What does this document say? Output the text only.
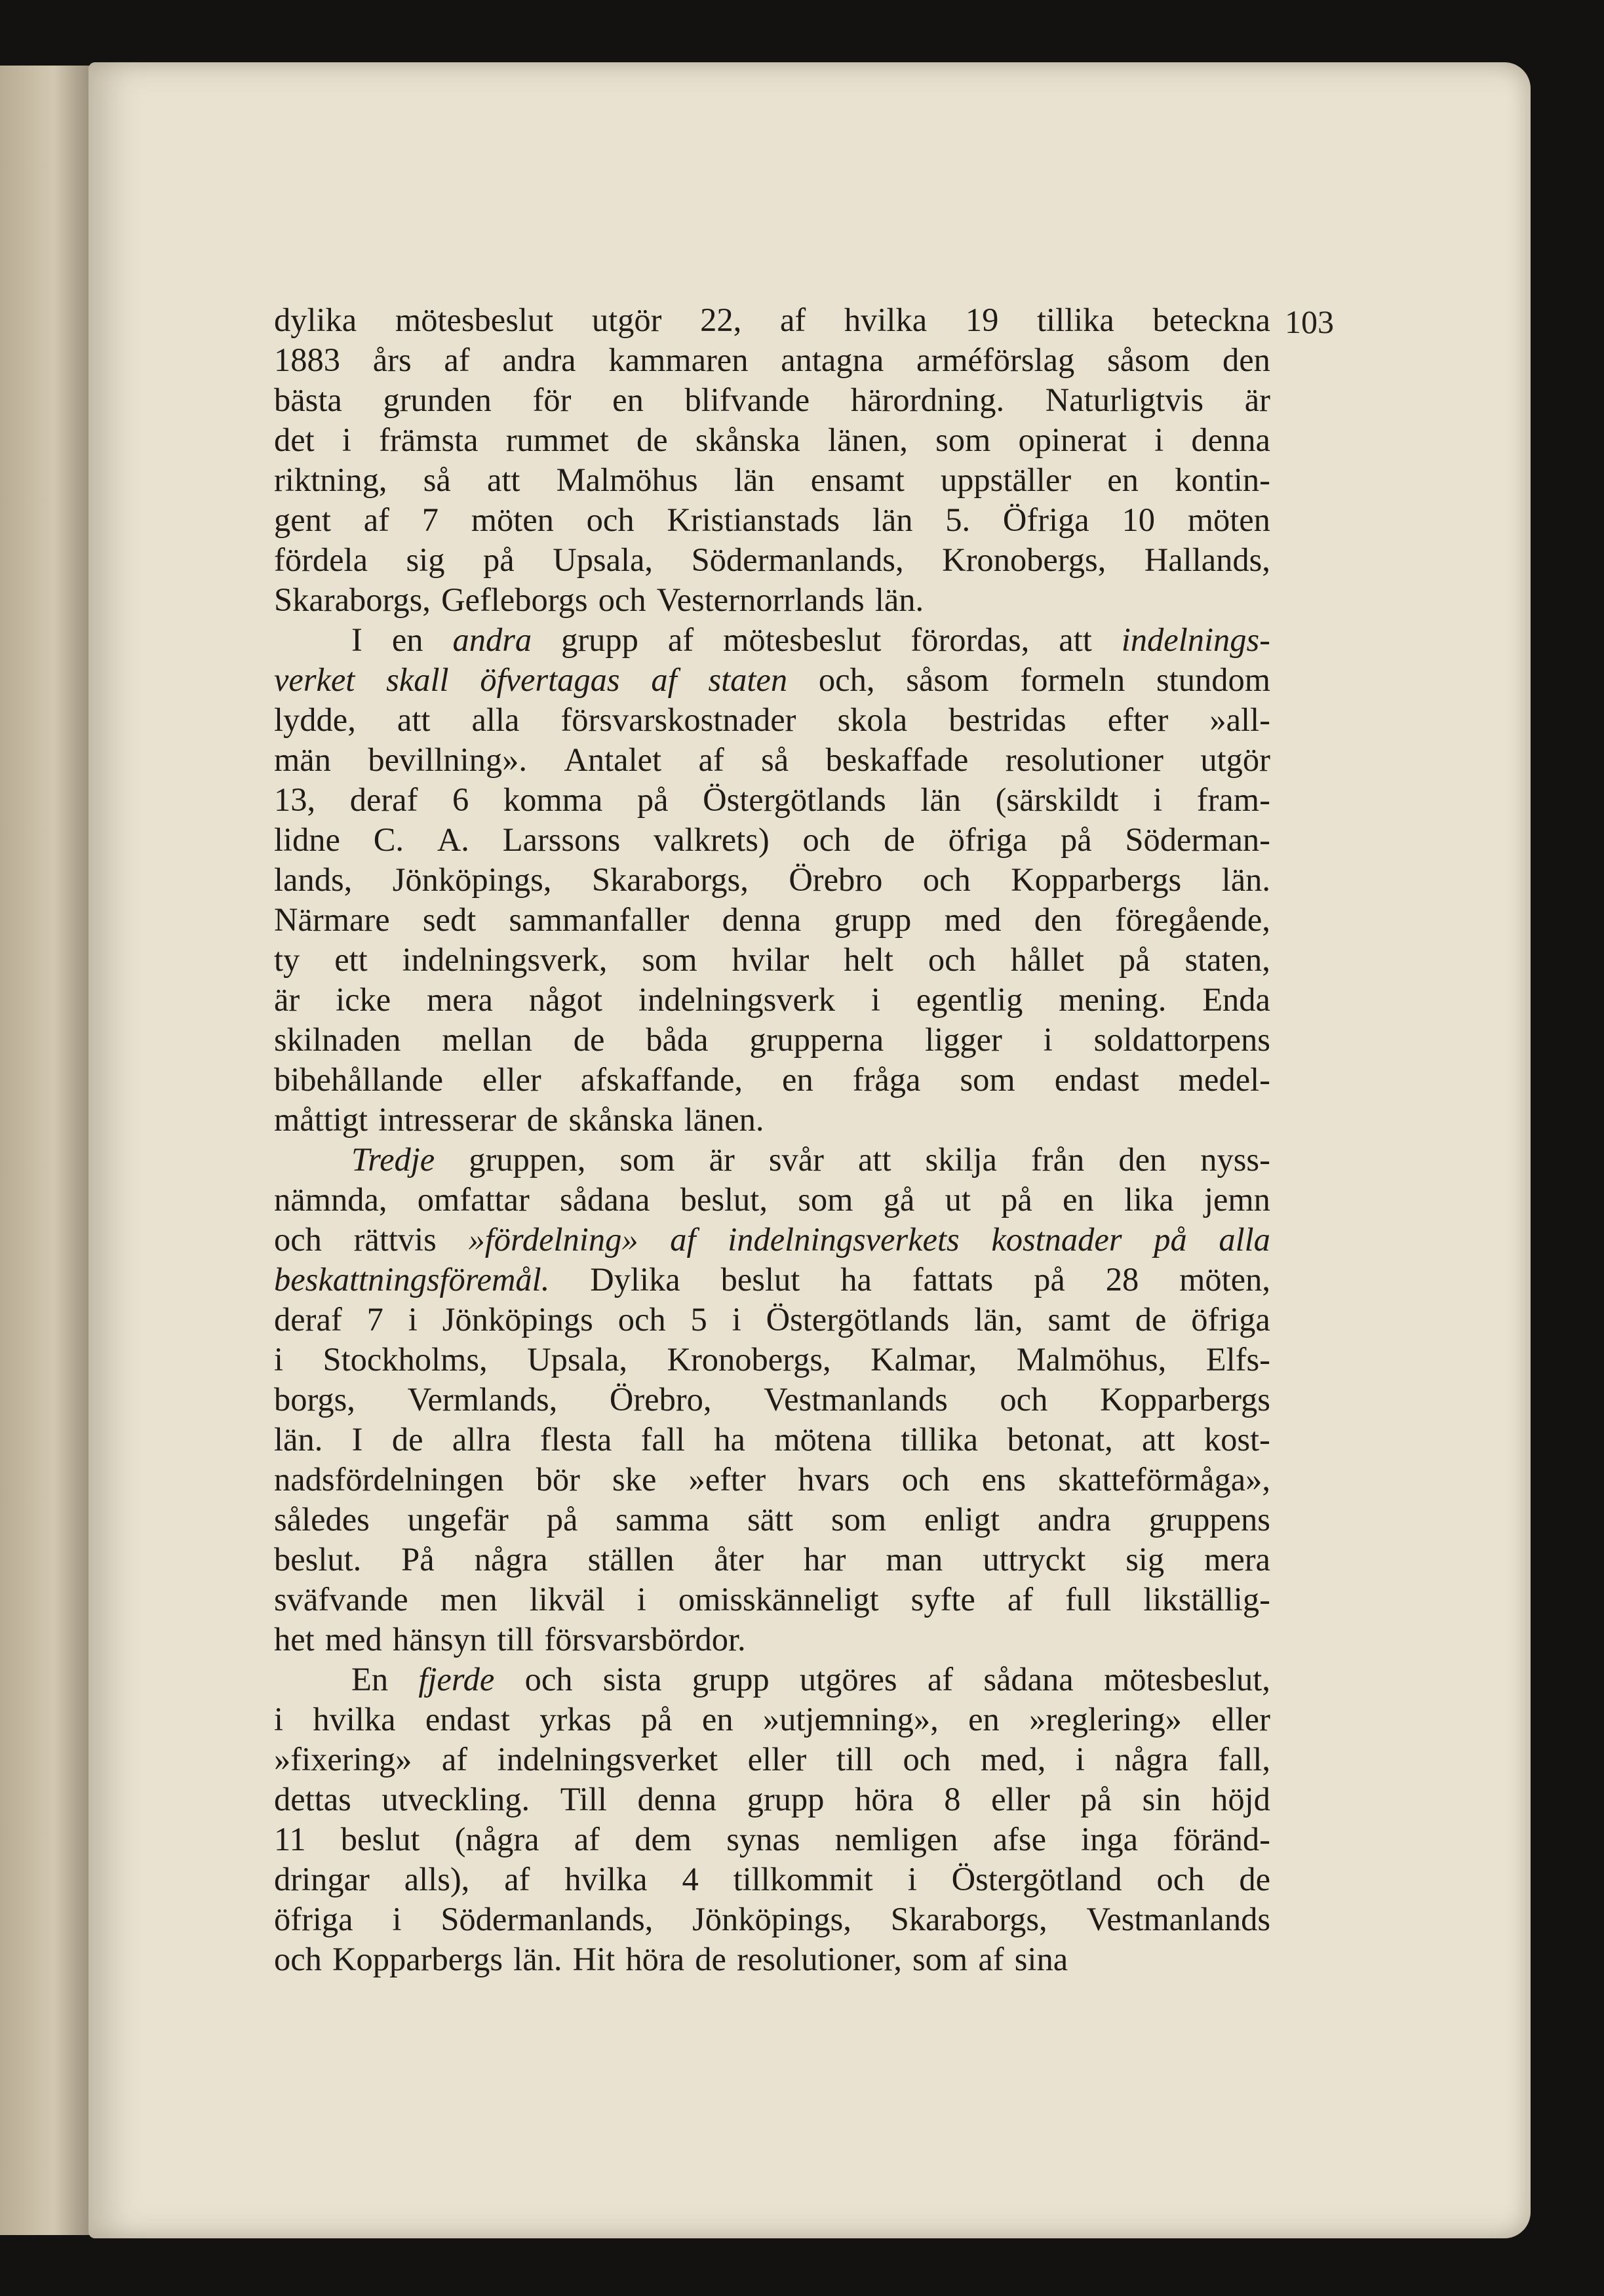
103
dylika mötesbeslut utgör 22, af hvilka 19 tillika beteckna
1883 års af andra kammaren antagna arméförslag såsom den
bästa grunden för en blifvande härordning. Naturligtvis är
det i främsta rummet de skånska länen, som opinerat i denna
riktning, så att Malmöhus län ensamt uppställer en kontin-
gent af 7 möten och Kristianstads län 5. Öfriga 10 möten
fördela sig på Upsala, Södermanlands, Kronobergs, Hallands,
Skaraborgs, Gefleborgs och Vesternorrlands län.
I en andra grupp af mötesbeslut förordas, att indelnings-
verket skall öfvertagas af staten och, såsom formeln stundom
lydde, att alla försvarskostnader skola bestridas efter »all-
män bevillning». Antalet af så beskaffade resolutioner utgör
13, deraf 6 komma på Östergötlands län (särskildt i fram-
lidne C. A. Larssons valkrets) och de öfriga på Söderman-
lands, Jönköpings, Skaraborgs, Örebro och Kopparbergs län.
Närmare sedt sammanfaller denna grupp med den föregående,
ty ett indelningsverk, som hvilar helt och hållet på staten,
är icke mera något indelningsverk i egentlig mening. Enda
skilnaden mellan de båda grupperna ligger i soldattorpens
bibehållande eller afskaffande, en fråga som endast medel-
måttigt intresserar de skånska länen.
Tredje gruppen, som är svår att skilja från den nyss-
nämnda, omfattar sådana beslut, som gå ut på en lika jemn
och rättvis »fördelning» af indelningsverkets kostnader på alla
beskattningsföremål. Dylika beslut ha fattats på 28 möten,
deraf 7 i Jönköpings och 5 i Östergötlands län, samt de öfriga
i Stockholms, Upsala, Kronobergs, Kalmar, Malmöhus, Elfs-
borgs, Vermlands, Örebro, Vestmanlands och Kopparbergs
län. I de allra flesta fall ha mötena tillika betonat, att kost-
nadsfördelningen bör ske »efter hvars och ens skatteförmåga»,
således ungefär på samma sätt som enligt andra gruppens
beslut. På några ställen åter har man uttryckt sig mera
sväfvande men likväl i omisskänneligt syfte af full likställig-
het med hänsyn till försvarsbördor.
En fjerde och sista grupp utgöres af sådana mötesbeslut,
i hvilka endast yrkas på en »utjemning», en »reglering» eller
»fixering» af indelningsverket eller till och med, i några fall,
dettas utveckling. Till denna grupp höra 8 eller på sin höjd
11 beslut (några af dem synas nemligen afse inga föränd-
dringar alls), af hvilka 4 tillkommit i Östergötland och de
öfriga i Södermanlands, Jönköpings, Skaraborgs, Vestmanlands
och Kopparbergs län. Hit höra de resolutioner, som af sina
